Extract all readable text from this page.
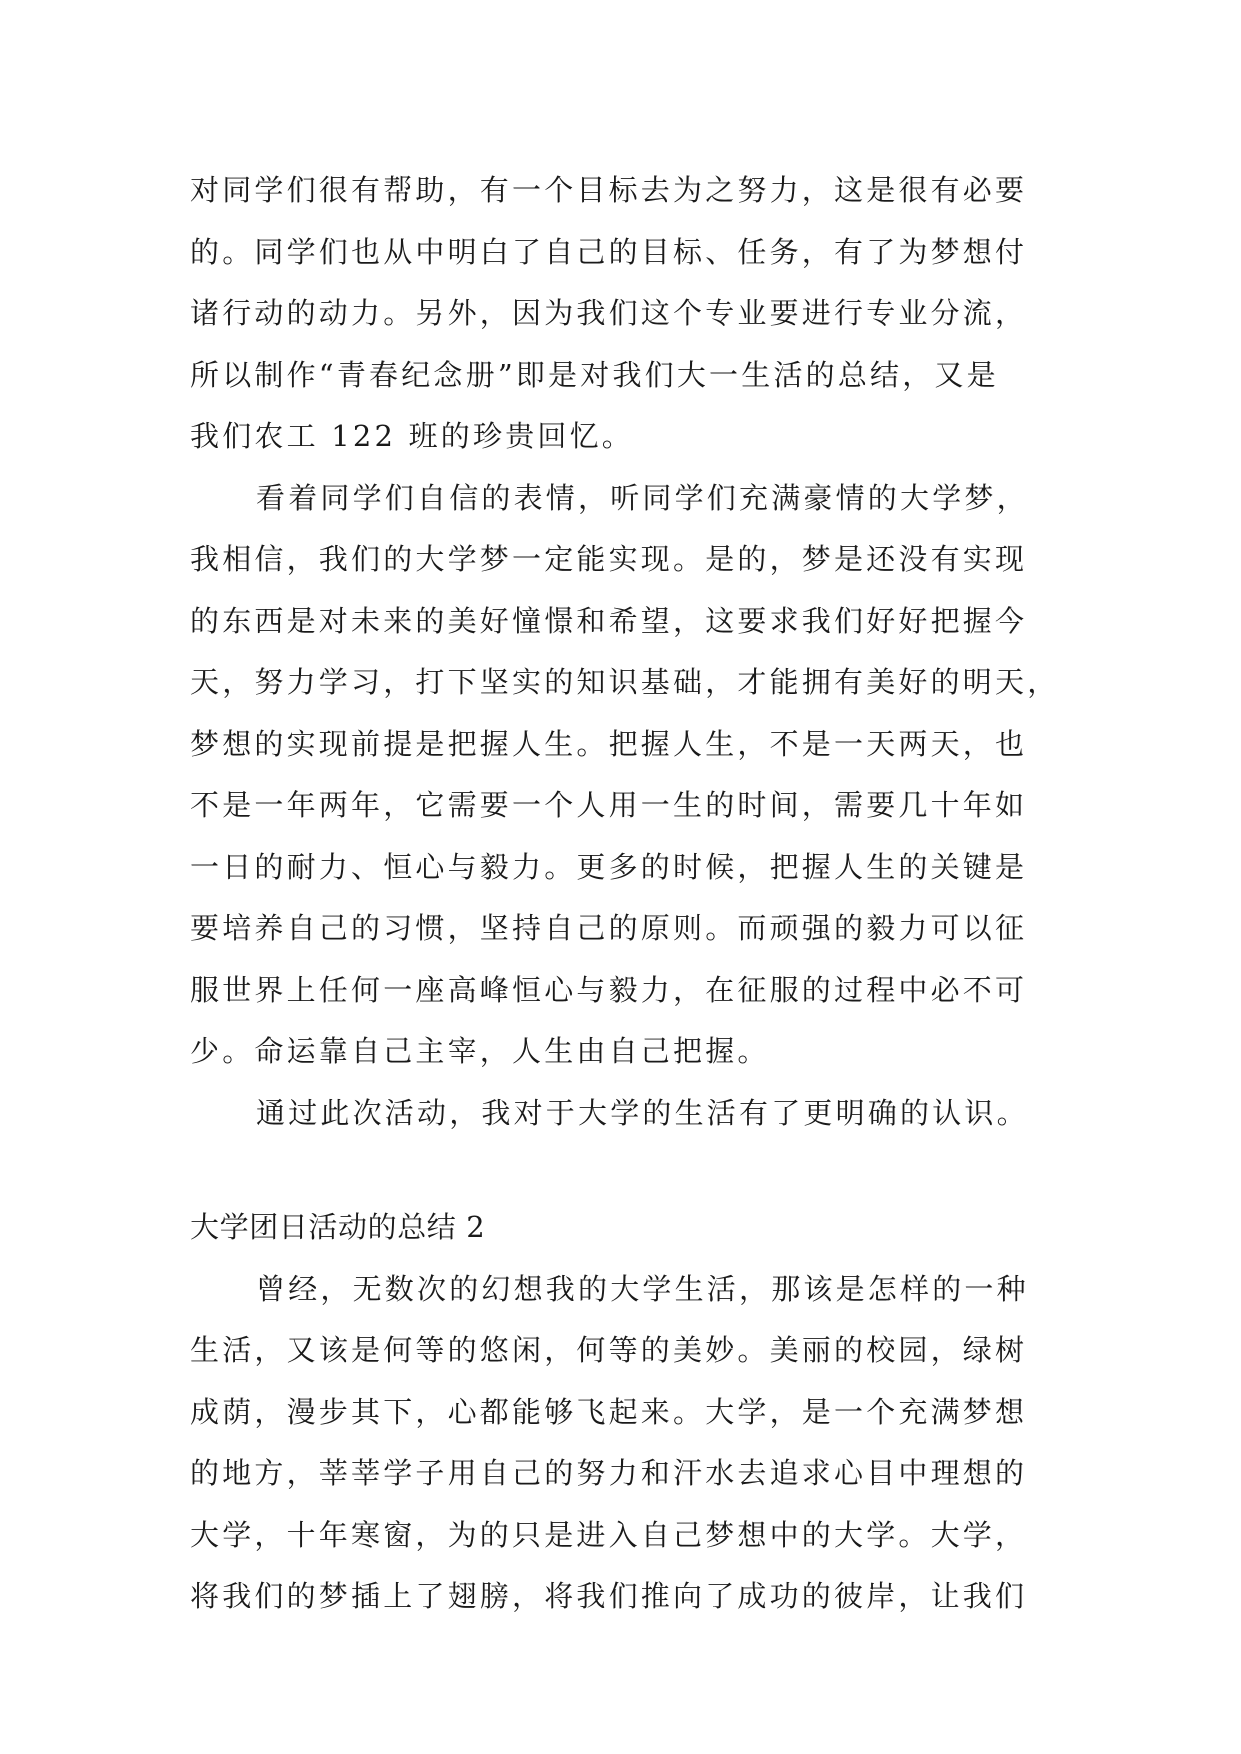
对同学们很有帮助，有一个目标去为之努力，这是很有必要
的。同学们也从中明白了自己的目标、任务，有了为梦想付
诸行动的动力。另外，因为我们这个专业要进行专业分流，
所以制作“青春纪念册”即是对我们大一生活的总结，又是
我们农工 122 班的珍贵回忆。
看着同学们自信的表情，听同学们充满豪情的大学梦，
我相信，我们的大学梦一定能实现。是的，梦是还没有实现
的东西是对未来的美好憧憬和希望，这要求我们好好把握今
天，努力学习，打下坚实的知识基础，才能拥有美好的明天，
梦想的实现前提是把握人生。把握人生，不是一天两天，也
不是一年两年，它需要一个人用一生的时间，需要几十年如
一日的耐力、恒心与毅力。更多的时候，把握人生的关键是
要培养自己的习惯，坚持自己的原则。而顽强的毅力可以征
服世界上任何一座高峰恒心与毅力，在征服的过程中必不可
少。命运靠自己主宰，人生由自己把握。
通过此次活动，我对于大学的生活有了更明确的认识。
大学团日活动的总结 2
曾经，无数次的幻想我的大学生活，那该是怎样的一种
生活，又该是何等的悠闲，何等的美妙。美丽的校园，绿树
成荫，漫步其下，心都能够飞起来。大学，是一个充满梦想
的地方，莘莘学子用自己的努力和汗水去追求心目中理想的
大学，十年寒窗，为的只是进入自己梦想中的大学。大学，
将我们的梦插上了翅膀，将我们推向了成功的彼岸，让我们
